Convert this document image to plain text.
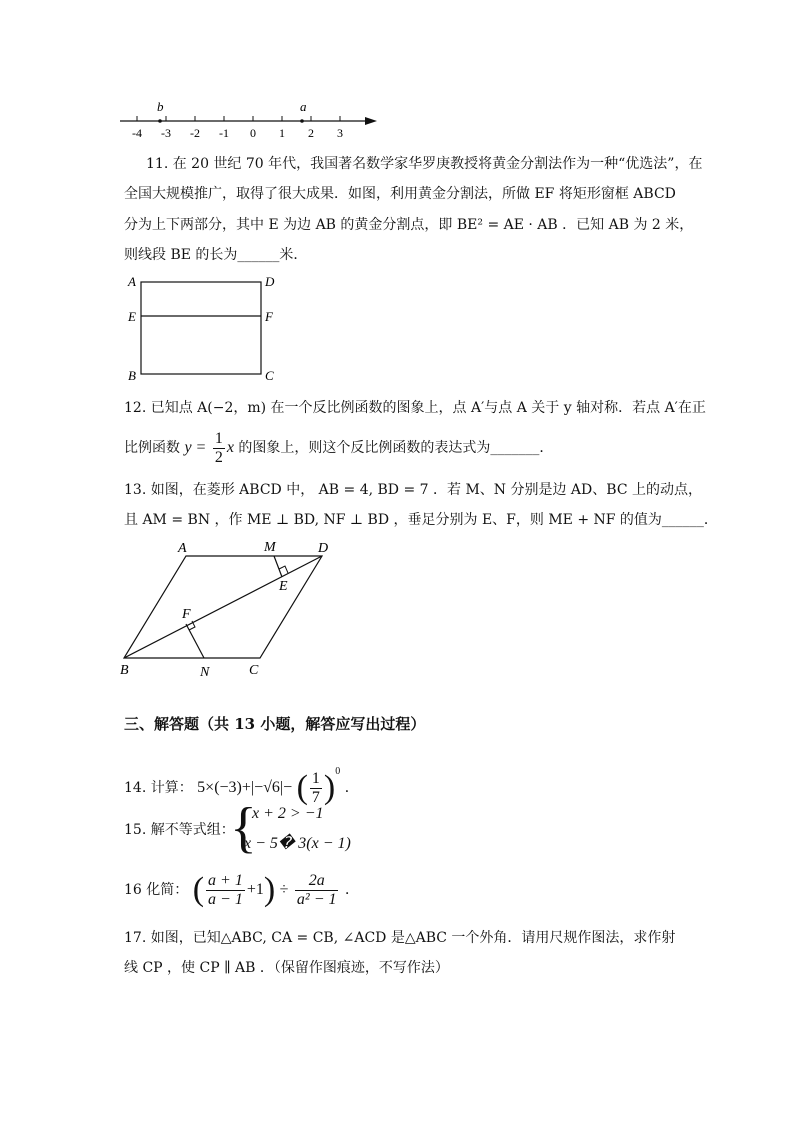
-4 -3 -2 -1 0 1 2 3
b	a
11. 在 20 世纪 70 年代，我国著名数学家华罗庚教授将黄金分割法作为一种“优选法”，在
全国大规模推广，取得了很大成果．如图，利用黄金分割法，所做 EF 将矩形窗框 ABCD
分为上下两部分，其中 E 为边 AB 的黄金分割点，即 BE² = AE · AB ．已知 AB 为 2 米，
则线段 BE 的长为______米．
A	D
E	F
B	C
12. 已知点 A(−2，m) 在一个反比例函数的图象上，点 A′与点 A 关于 y 轴对称．若点 A′在正
比例函数 $y = \frac{1}{2}$ x 的图象上，则这个反比例函数的表达式为_______．
13. 如图，在菱形 ABCD 中， AB = 4, BD = 7 ．若 M、N 分别是边 AD、BC 上的动点，
且 AM = BN ，作 ME ⊥ BD, NF ⊥ BD ，垂足分别为 E、F，则 ME + NF 的值为______．
A	M	D
E
F
B	N	C
三、解答题（共 13 小题，解答应写出过程）
14. 计算： 5×(−3)+|−√6|− ( $\frac{1}{7} )^0$ ．
15. 解不等式组：
{
x + 2 > −1
x − 5� 3(x − 1)
16 化简： ( $\frac{a + 1}{a - 1} +1) \div \frac{2a}{\text{a² − 1}}$ ．
17. 如图，已知△ABC, CA = CB, ∠ACD 是△ABC 一个外角．请用尺规作图法，求作射
线 CP ，使 CP ∥ AB ．（保留作图痕迹，不写作法）
